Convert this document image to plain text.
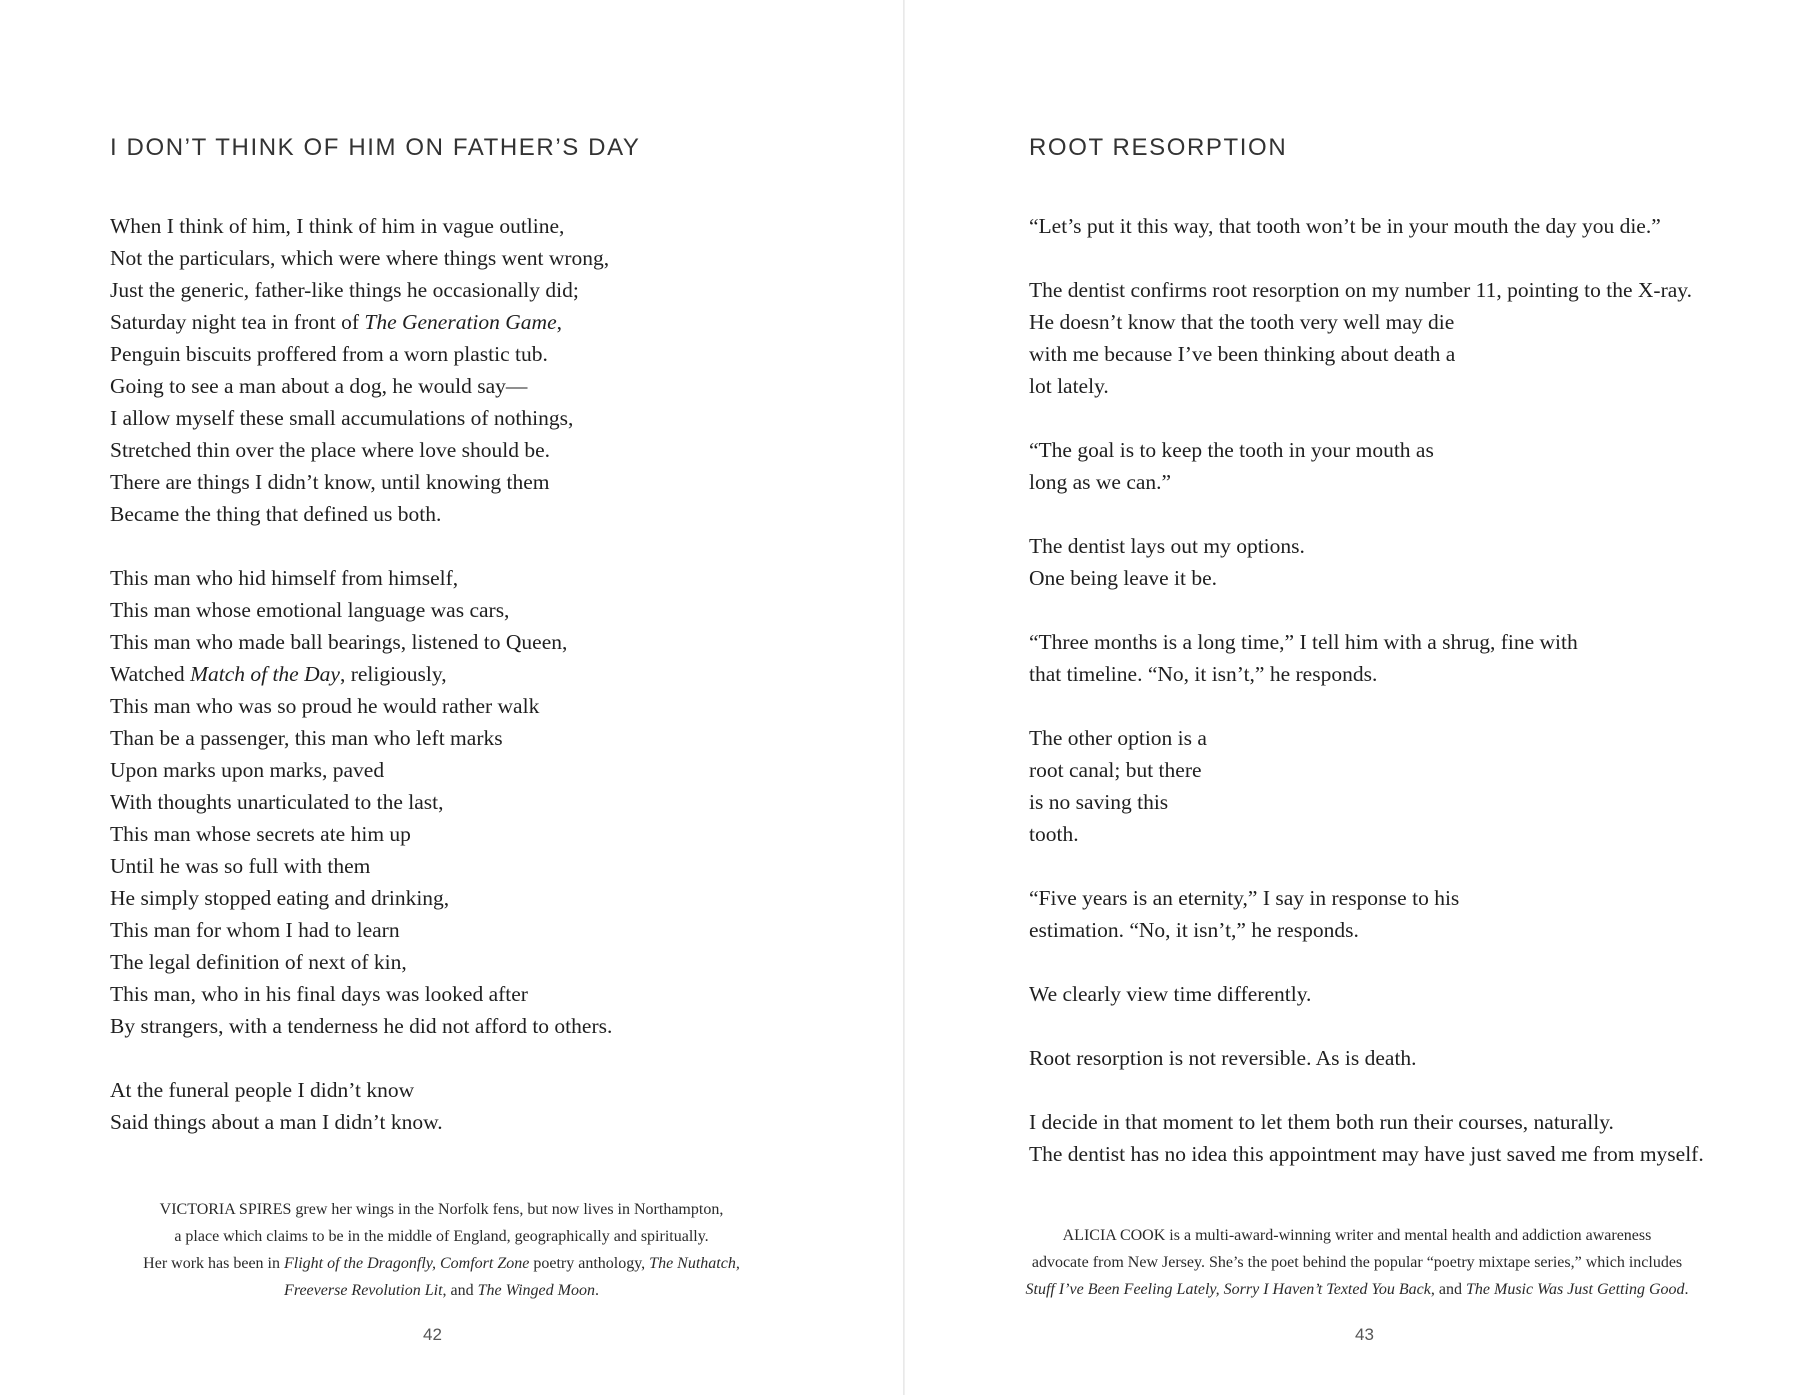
I DON’T THINK OF HIM ON FATHER’S DAY
When I think of him, I think of him in vague outline,
Not the particulars, which were where things went wrong,
Just the generic, father-like things he occasionally did;
Saturday night tea in front of The Generation Game,
Penguin biscuits proffered from a worn plastic tub.
Going to see a man about a dog, he would say—
I allow myself these small accumulations of nothings,
Stretched thin over the place where love should be.
There are things I didn’t know, until knowing them
Became the thing that defined us both.
This man who hid himself from himself,
This man whose emotional language was cars,
This man who made ball bearings, listened to Queen,
Watched Match of the Day, religiously,
This man who was so proud he would rather walk
Than be a passenger, this man who left marks
Upon marks upon marks, paved
With thoughts unarticulated to the last,
This man whose secrets ate him up
Until he was so full with them
He simply stopped eating and drinking,
This man for whom I had to learn
The legal definition of next of kin,
This man, who in his final days was looked after
By strangers, with a tenderness he did not afford to others.
At the funeral people I didn’t know
Said things about a man I didn’t know.
VICTORIA SPIRES grew her wings in the Norfolk fens, but now lives in Northampton,
a place which claims to be in the middle of England, geographically and spiritually.
Her work has been in Flight of the Dragonfly, Comfort Zone poetry anthology, The Nuthatch,
Freeverse Revolution Lit, and The Winged Moon.
42
ROOT RESORPTION
“Let’s put it this way, that tooth won’t be in your mouth the day you die.”
The dentist confirms root resorption on my number 11, pointing to the X-ray.
He doesn’t know that the tooth very well may die
with me because I’ve been thinking about death a
lot lately.
“The goal is to keep the tooth in your mouth as
long as we can.”
The dentist lays out my options.
One being leave it be.
“Three months is a long time,” I tell him with a shrug, fine with
that timeline. “No, it isn’t,” he responds.
The other option is a
root canal; but there
is no saving this
tooth.
“Five years is an eternity,” I say in response to his
estimation. “No, it isn’t,” he responds.
We clearly view time differently.
Root resorption is not reversible. As is death.
I decide in that moment to let them both run their courses, naturally.
The dentist has no idea this appointment may have just saved me from myself.
ALICIA COOK is a multi-award-winning writer and mental health and addiction awareness
advocate from New Jersey. She’s the poet behind the popular “poetry mixtape series,” which includes
Stuff I’ve Been Feeling Lately, Sorry I Haven’t Texted You Back, and The Music Was Just Getting Good.
43
